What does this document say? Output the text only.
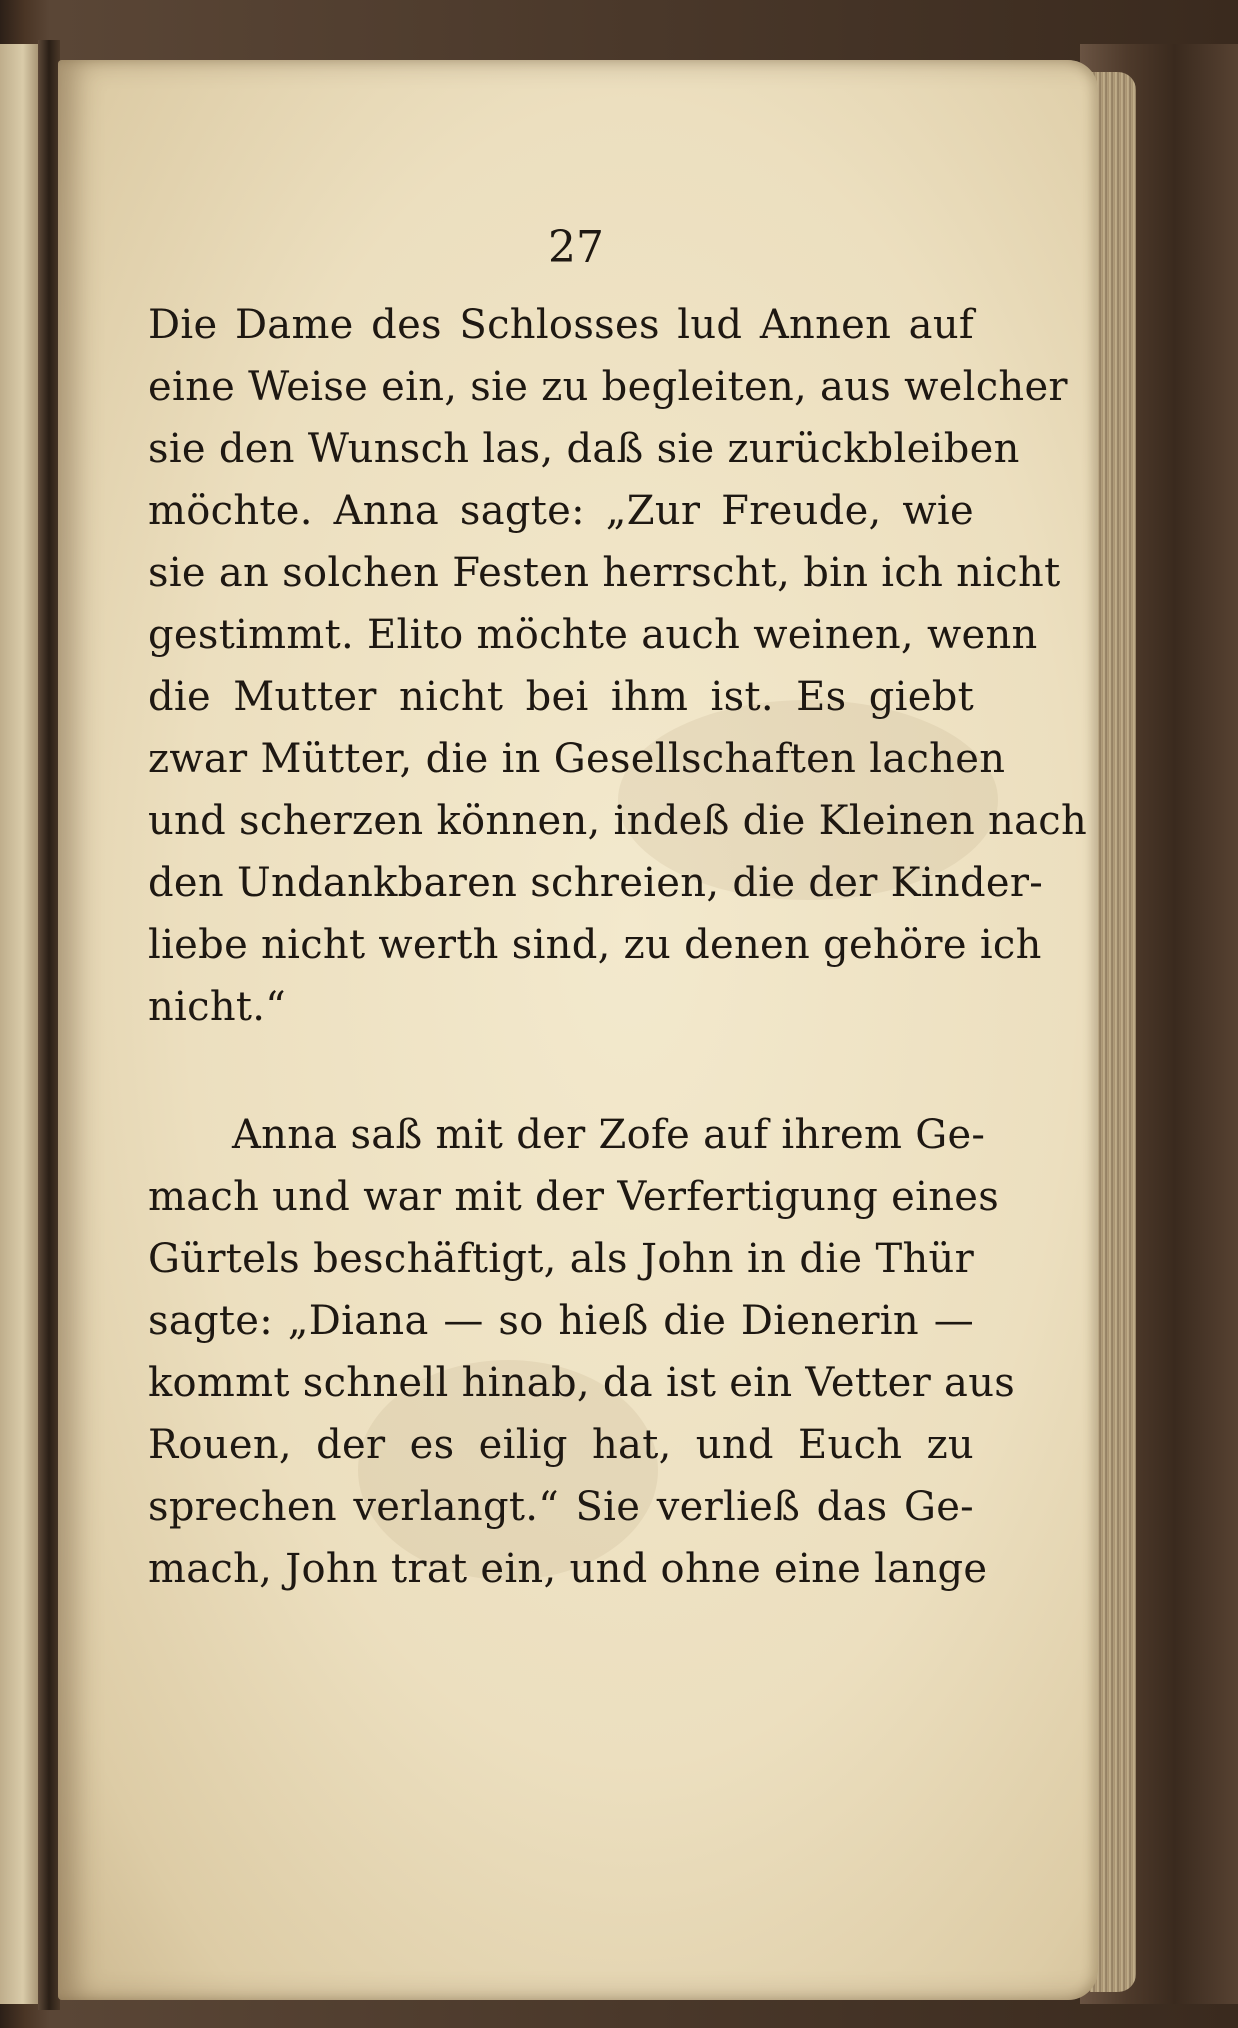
27
Die Dame des Schlosses lud Annen auf
eine Weise ein, sie zu begleiten, aus welcher
sie den Wunsch las, daß sie zurückbleiben
möchte. Anna sagte: „Zur Freude, wie
sie an solchen Festen herrscht, bin ich nicht
gestimmt. Elito möchte auch weinen, wenn
die Mutter nicht bei ihm ist. Es giebt
zwar Mütter, die in Gesellschaften lachen
und scherzen können, indeß die Kleinen nach
den Undankbaren schreien, die der Kinder-
liebe nicht werth sind, zu denen gehöre ich
nicht.“
Anna saß mit der Zofe auf ihrem Ge-
mach und war mit der Verfertigung eines
Gürtels beschäftigt, als John in die Thür
sagte: „Diana — so hieß die Dienerin —
kommt schnell hinab, da ist ein Vetter aus
Rouen, der es eilig hat, und Euch zu
sprechen verlangt.“ Sie verließ das Ge-
mach, John trat ein, und ohne eine lange
